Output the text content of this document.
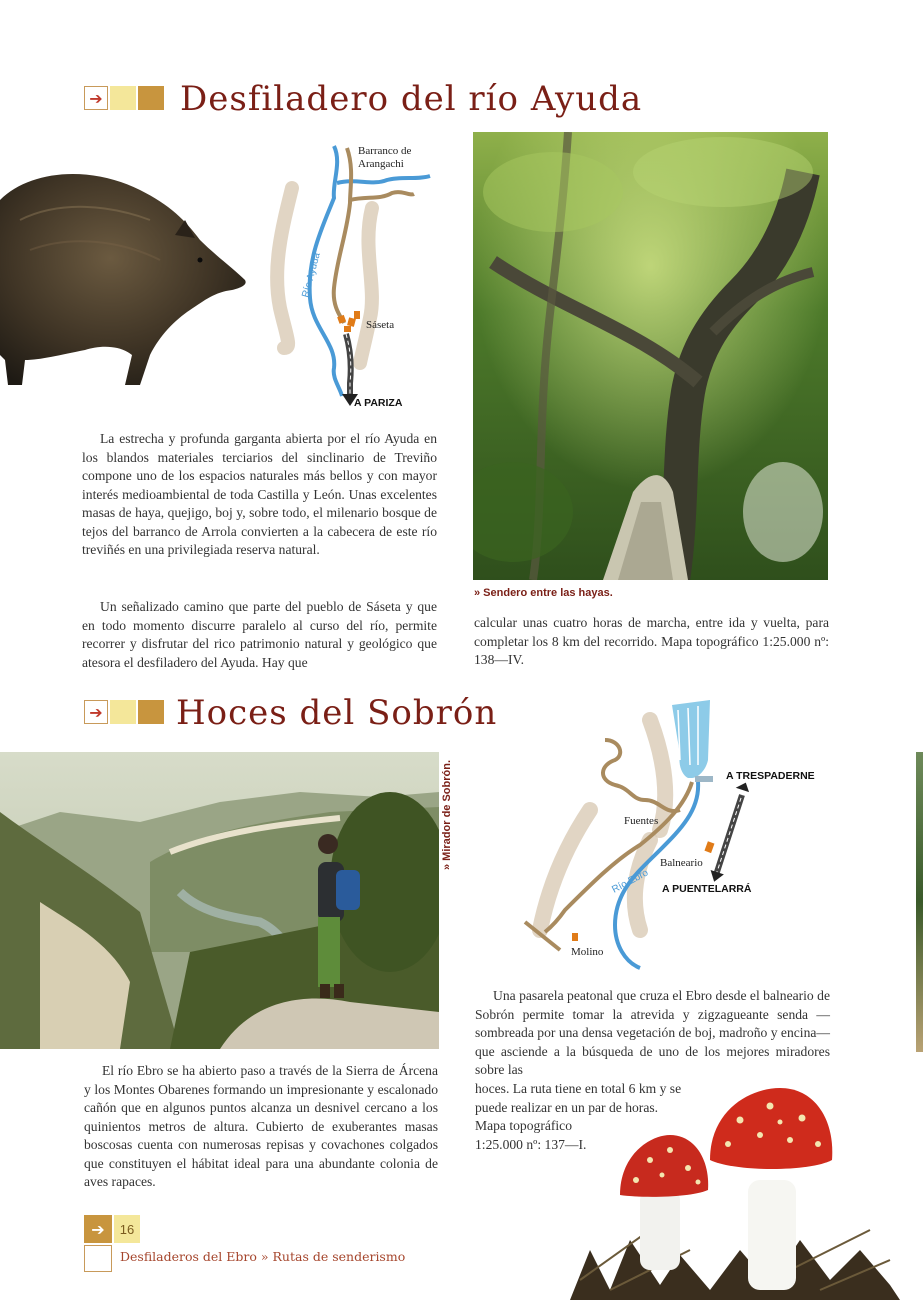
➔ Desfiladero del río Ayuda
Barranco de
Arangachi
Río Ayuda
Sáseta
A PARIZA
» Sendero entre las hayas.

La estrecha y profunda garganta abierta por el río Ayuda en los blandos materiales terciarios del sinclinario de Treviño compone uno de los espacios naturales más bellos y con mayor interés medioambiental de toda Castilla y León. Unas excelentes masas de haya, quejigo, boj y, sobre todo, el milenario bosque de tejos del barranco de Arrola convierten a la cabecera de este río treviñés en una privilegiada reserva natural.

Un señalizado camino que parte del pueblo de Sáseta y que en todo momento discurre paralelo al curso del río, permite recorrer y disfrutar del rico patrimonio natural y geológico que atesora el desfiladero del Ayuda. Hay que

calcular unas cuatro horas de marcha, entre ida y vuelta, para completar los 8 km del recorrido. Mapa topográfico 1:25.000 nº: 138—IV.

➔ Hoces del Sobrón
» Mirador de Sobrón.	A TRESPADERNE
Fuentes
Balneario
A PUENTELARRÁ
Río Ebro
Molino

El río Ebro se ha abierto paso a través de la Sierra de Árcena y los Montes Obarenes formando un impresionante y escalonado cañón que en algunos puntos alcanza un desnivel cercano a los quinientos metros de altura. Cubierto de exuberantes masas boscosas cuenta con numerosas repisas y covachones colgados que constituyen el hábitat ideal para una abundante colonia de aves rapaces.

Una pasarela peatonal que cruza el Ebro desde el balneario de Sobrón permite tomar la atrevida y zigzagueante senda —sombreada por una densa vegetación de boj, madroño y encina— que asciende a la búsqueda de uno de los mejores miradores sobre las

hoces. La ruta tiene en total 6 km y se
puede realizar en un par de horas.
Mapa topográfico
1:25.000 nº: 137—I.
➔ 16
Desfiladeros del Ebro » Rutas de senderismo
